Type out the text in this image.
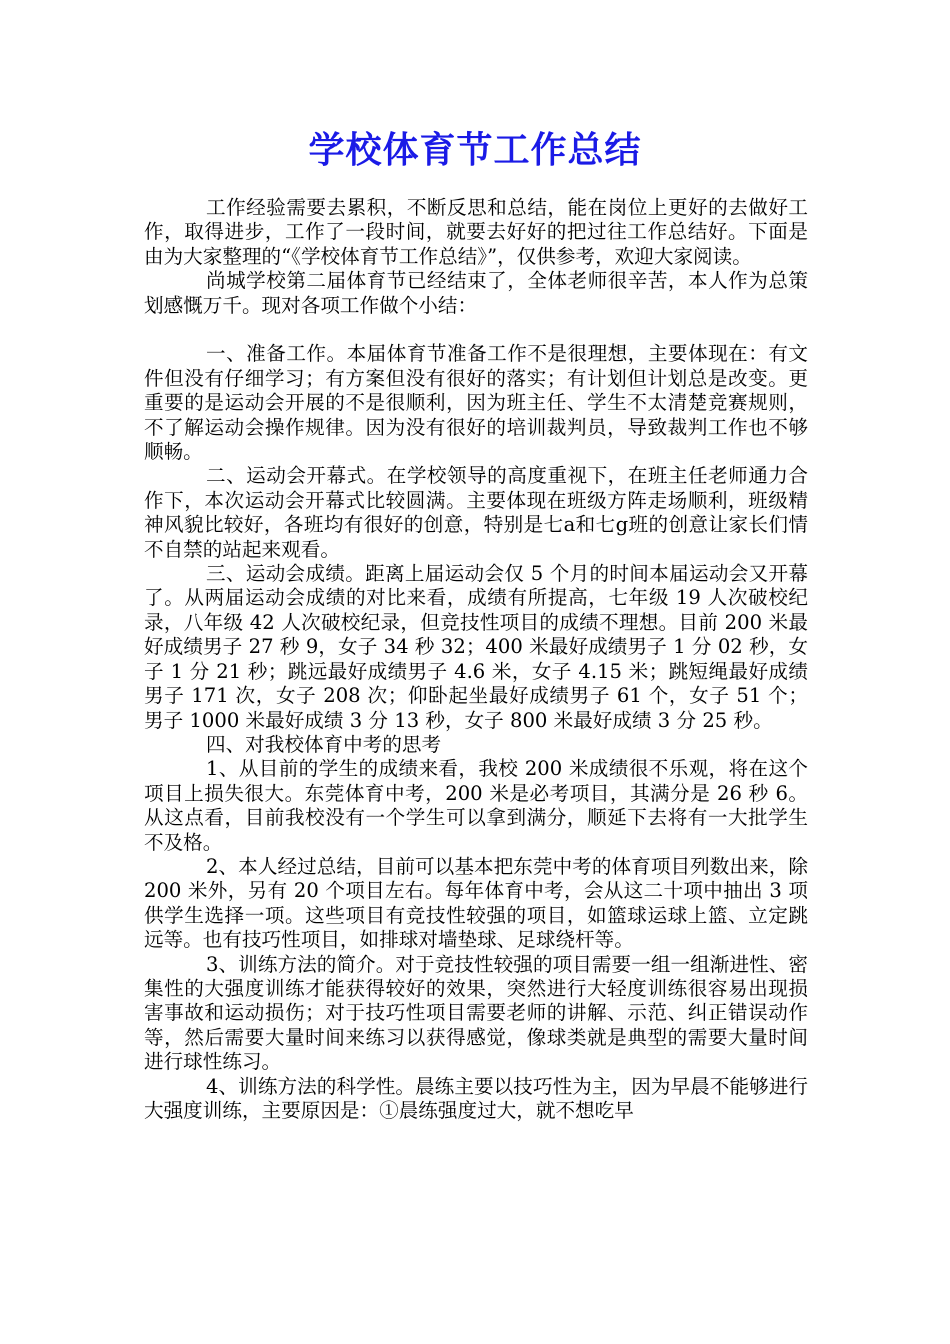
学校体育节工作总结

工作经验需要去累积，不断反思和总结，能在岗位上更好的去做好工作，取得进步，工作了一段时间，就要去好好的把过往工作总结好。下面是由为大家整理的“《学校体育节工作总结》”，仅供参考，欢迎大家阅读。

尚城学校第二届体育节已经结束了，全体老师很辛苦，本人作为总策划感慨万千。现对各项工作做个小结：

一、准备工作。本届体育节准备工作不是很理想，主要体现在：有文件但没有仔细学习；有方案但没有很好的落实；有计划但计划总是改变。更重要的是运动会开展的不是很顺利，因为班主任、学生不太清楚竞赛规则，不了解运动会操作规律。因为没有很好的培训裁判员，导致裁判工作也不够顺畅。

二、运动会开幕式。在学校领导的高度重视下，在班主任老师通力合作下，本次运动会开幕式比较圆满。主要体现在班级方阵走场顺利，班级精神风貌比较好，各班均有很好的创意，特别是七a和七g班的创意让家长们情不自禁的站起来观看。

三、运动会成绩。距离上届运动会仅 5 个月的时间本届运动会又开幕了。从两届运动会成绩的对比来看，成绩有所提高，七年级 19 人次破校纪录，八年级 42 人次破校纪录，但竞技性项目的成绩不理想。目前 200 米最好成绩男子 27 秒 9，女子 34 秒 32；400 米最好成绩男子 1 分 02 秒，女子 1 分 21 秒；跳远最好成绩男子 4.6 米，女子 4.15 米；跳短绳最好成绩男子 171 次，女子 208 次；仰卧起坐最好成绩男子 61 个，女子 51 个；男子 1000 米最好成绩 3 分 13 秒，女子 800 米最好成绩 3 分 25 秒。

四、对我校体育中考的思考

1、从目前的学生的成绩来看，我校 200 米成绩很不乐观，将在这个项目上损失很大。东莞体育中考，200 米是必考项目，其满分是 26 秒 6。从这点看，目前我校没有一个学生可以拿到满分，顺延下去将有一大批学生不及格。

2、本人经过总结，目前可以基本把东莞中考的体育项目列数出来，除 200 米外，另有 20 个项目左右。每年体育中考，会从这二十项中抽出 3 项供学生选择一项。这些项目有竞技性较强的项目，如篮球运球上篮、立定跳远等。也有技巧性项目，如排球对墙垫球、足球绕杆等。

3、训练方法的简介。对于竞技性较强的项目需要一组一组渐进性、密集性的大强度训练才能获得较好的效果，突然进行大轻度训练很容易出现损害事故和运动损伤；对于技巧性项目需要老师的讲解、示范、纠正错误动作等，然后需要大量时间来练习以获得感觉，像球类就是典型的需要大量时间进行球性练习。

4、训练方法的科学性。晨练主要以技巧性为主，因为早晨不能够进行大强度训练，主要原因是：①晨练强度过大，就不想吃早
